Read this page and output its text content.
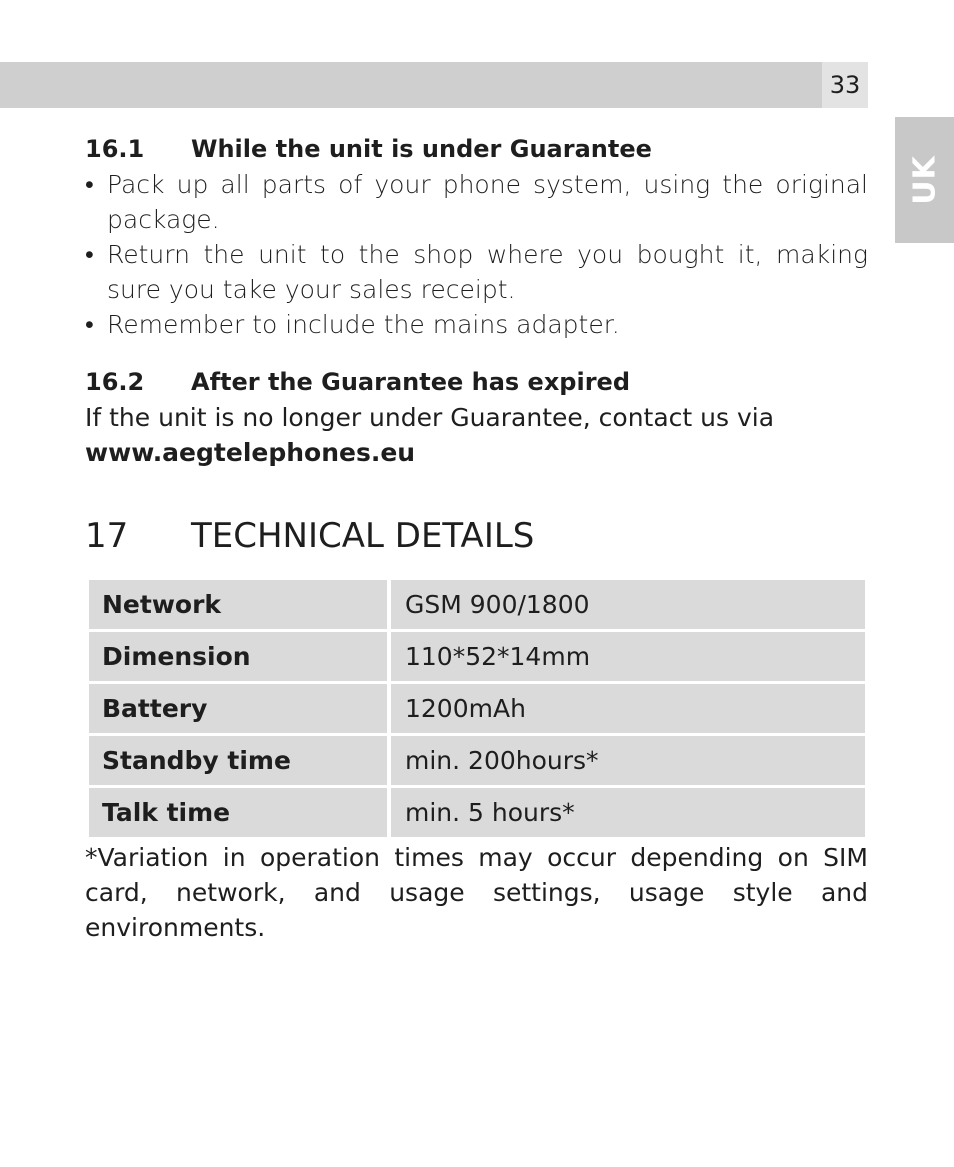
33
UK
16.1 While the unit is under Guarantee
• Pack up all parts of your phone system, using the original package.
• Return the unit to the shop where you bought it, making sure you take your sales receipt.
• Remember to include the mains adapter.
16.2 After the Guarantee has expired

If the unit is no longer under Guarantee, contact us via

www.aegtelephones.eu

17 TECHNICAL DETAILS
Network	GSM 900/1800
Dimension	110*52*14mm
Battery	1200mAh
Standby time	min. 200hours*
Talk time	min. 5 hours*

*Variation in operation times may occur depending on SIM card, network, and usage settings, usage style and environments.
